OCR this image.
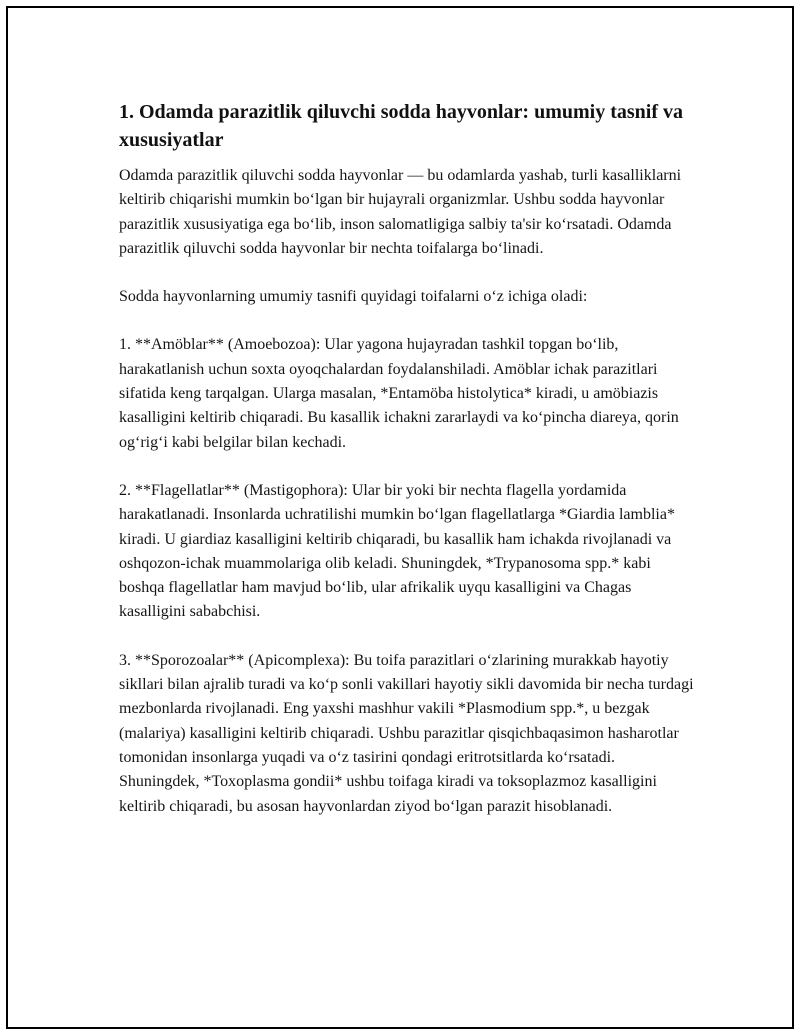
1. Odamda parazitlik qiluvchi sodda hayvonlar: umumiy tasnif va xususiyatlar

Odamda parazitlik qiluvchi sodda hayvonlar — bu odamlarda yashab, turli kasalliklarni keltirib chiqarishi mumkin bo‘lgan bir hujayrali organizmlar. Ushbu sodda hayvonlar parazitlik xususiyatiga ega bo‘lib, inson salomatligiga salbiy ta'sir ko‘rsatadi. Odamda parazitlik qiluvchi sodda hayvonlar bir nechta toifalarga bo‘linadi.

Sodda hayvonlarning umumiy tasnifi quyidagi toifalarni o‘z ichiga oladi:

1. **Amöblar** (Amoebozoa): Ular yagona hujayradan tashkil topgan bo‘lib, harakatlanish uchun soxta oyoqchalardan foydalanshiladi. Amöblar ichak parazitlari sifatida keng tarqalgan. Ularga masalan, *Entamöba histolytica* kiradi, u amöbiazis kasalligini keltirib chiqaradi. Bu kasallik ichakni zararlaydi va ko‘pincha diareya, qorin og‘rig‘i kabi belgilar bilan kechadi.

2. **Flagellatlar** (Mastigophora): Ular bir yoki bir nechta flagella yordamida harakatlanadi. Insonlarda uchratilishi mumkin bo‘lgan flagellatlarga *Giardia lamblia* kiradi. U giardiaz kasalligini keltirib chiqaradi, bu kasallik ham ichakda rivojlanadi va oshqozon-ichak muammolariga olib keladi. Shuningdek, *Trypanosoma spp.* kabi boshqa flagellatlar ham mavjud bo‘lib, ular afrikalik uyqu kasalligini va Chagas kasalligini sababchisi.

3. **Sporozoalar** (Apicomplexa): Bu toifa parazitlari o‘zlarining murakkab hayotiy sikllari bilan ajralib turadi va ko‘p sonli vakillari hayotiy sikli davomida bir necha turdagi mezbonlarda rivojlanadi. Eng yaxshi mashhur vakili *Plasmodium spp.*, u bezgak (malariya) kasalligini keltirib chiqaradi. Ushbu parazitlar qisqichbaqasimon hasharotlar tomonidan insonlarga yuqadi va o‘z tasirini qondagi eritrotsitlarda ko‘rsatadi. Shuningdek, *Toxoplasma gondii* ushbu toifaga kiradi va toksoplazmoz kasalligini keltirib chiqaradi, bu asosan hayvonlardan ziyod bo‘lgan parazit hisoblanadi.
